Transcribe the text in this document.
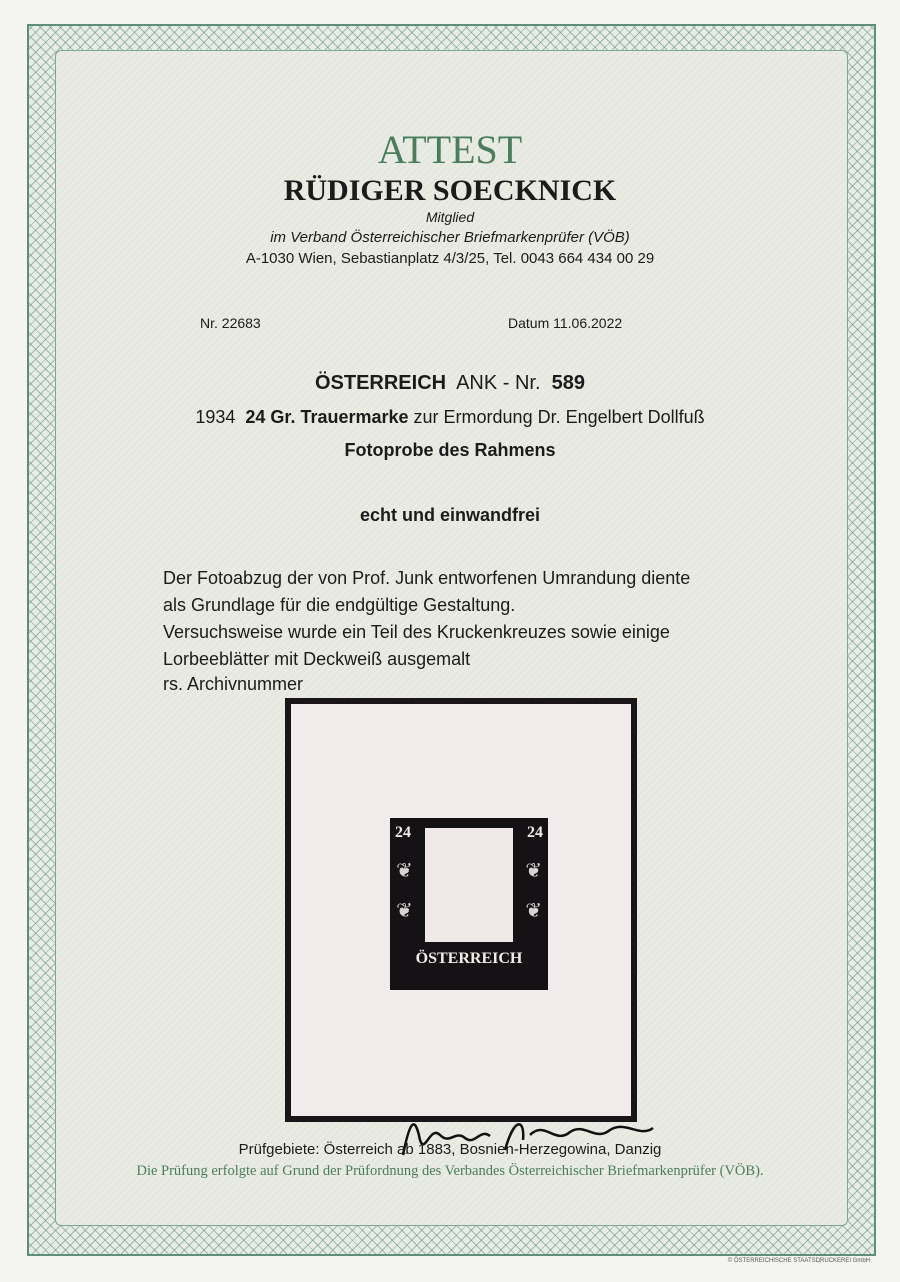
ATTEST
RÜDIGER SOECKNICK
Mitglied
im Verband Österreichischer Briefmarkenprüfer (VÖB)
A-1030 Wien, Sebastianplatz 4/3/25, Tel. 0043 664 434 00 29
Nr. 22683	Datum 11.06.2022
ÖSTERREICH ANK - Nr. 589
1934 24 Gr. Trauermarke zur Ermordung Dr. Engelbert Dollfuß
Fotoprobe des Rahmens
echt und einwandfrei
Der Fotoabzug der von Prof. Junk entworfenen Umrandung diente
als Grundlage für die endgültige Gestaltung.
Versuchsweise wurde ein Teil des Kruckenkreuzes sowie einige
Lorbeeblätter mit Deckweiß ausgemalt
rs. Archivnummer
24	24
❦
❦
❦
❦
ÖSTERREICH
Prüfgebiete: Österreich ab 1883, Bosnien-Herzegowina, Danzig
Die Prüfung erfolgte auf Grund der Prüfordnung des Verbandes Österreichischer Briefmarkenprüfer (VÖB).
© ÖSTERREICHISCHE STAATSDRUCKEREI GmbH
